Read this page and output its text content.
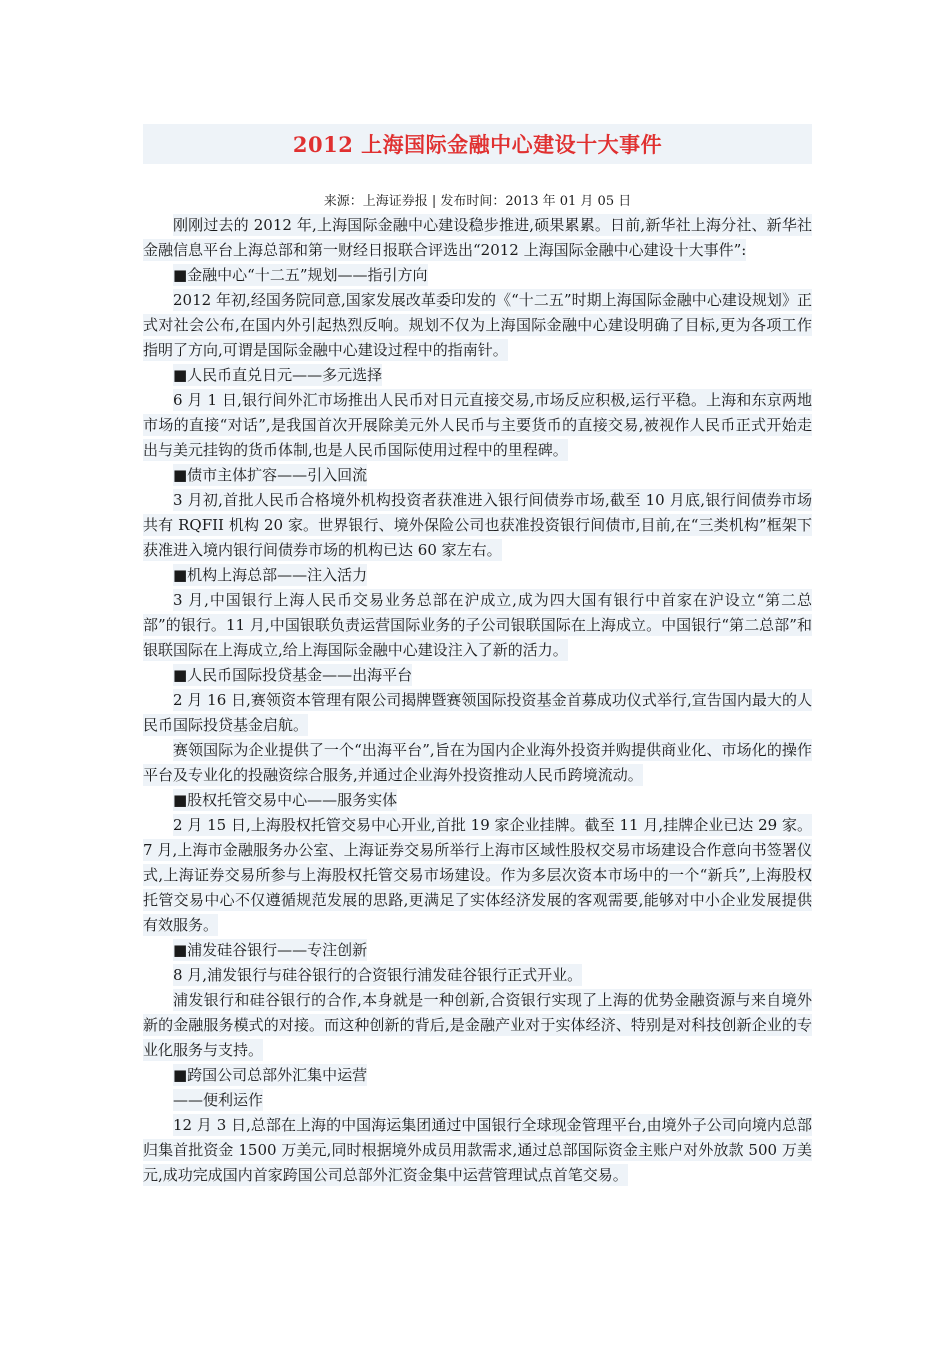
2012 上海国际金融中心建设十大事件
来源：上海证券报 | 发布时间：2013 年 01 月 05 日
刚刚过去的 2012 年,上海国际金融中心建设稳步推进,硕果累累。日前,新华社上海分社、新华社金融信息平台上海总部和第一财经日报联合评选出“2012 上海国际金融中心建设十大事件”:
■金融中心“十二五”规划——指引方向
2012 年初,经国务院同意,国家发展改革委印发的《“十二五”时期上海国际金融中心建设规划》正式对社会公布,在国内外引起热烈反响。规划不仅为上海国际金融中心建设明确了目标,更为各项工作指明了方向,可谓是国际金融中心建设过程中的指南针。
■人民币直兑日元——多元选择
6 月 1 日,银行间外汇市场推出人民币对日元直接交易,市场反应积极,运行平稳。上海和东京两地市场的直接“对话”,是我国首次开展除美元外人民币与主要货币的直接交易,被视作人民币正式开始走出与美元挂钩的货币体制,也是人民币国际使用过程中的里程碑。
■债市主体扩容——引入回流
3 月初,首批人民币合格境外机构投资者获准进入银行间债券市场,截至 10 月底,银行间债券市场共有 RQFII 机构 20 家。世界银行、境外保险公司也获准投资银行间债市,目前,在“三类机构”框架下获准进入境内银行间债券市场的机构已达 60 家左右。
■机构上海总部——注入活力
3 月,中国银行上海人民币交易业务总部在沪成立,成为四大国有银行中首家在沪设立“第二总部”的银行。11 月,中国银联负责运营国际业务的子公司银联国际在上海成立。中国银行“第二总部”和银联国际在上海成立,给上海国际金融中心建设注入了新的活力。
■人民币国际投贷基金——出海平台
2 月 16 日,赛领资本管理有限公司揭牌暨赛领国际投资基金首募成功仪式举行,宣告国内最大的人民币国际投贷基金启航。
赛领国际为企业提供了一个“出海平台”,旨在为国内企业海外投资并购提供商业化、市场化的操作平台及专业化的投融资综合服务,并通过企业海外投资推动人民币跨境流动。
■股权托管交易中心——服务实体
2 月 15 日,上海股权托管交易中心开业,首批 19 家企业挂牌。截至 11 月,挂牌企业已达 29 家。7 月,上海市金融服务办公室、上海证券交易所举行上海市区域性股权交易市场建设合作意向书签署仪式,上海证券交易所参与上海股权托管交易市场建设。作为多层次资本市场中的一个“新兵”,上海股权托管交易中心不仅遵循规范发展的思路,更满足了实体经济发展的客观需要,能够对中小企业发展提供有效服务。
■浦发硅谷银行——专注创新
8 月,浦发银行与硅谷银行的合资银行浦发硅谷银行正式开业。
浦发银行和硅谷银行的合作,本身就是一种创新,合资银行实现了上海的优势金融资源与来自境外新的金融服务模式的对接。而这种创新的背后,是金融产业对于实体经济、特别是对科技创新企业的专业化服务与支持。
■跨国公司总部外汇集中运营
——便利运作
12 月 3 日,总部在上海的中国海运集团通过中国银行全球现金管理平台,由境外子公司向境内总部归集首批资金 1500 万美元,同时根据境外成员用款需求,通过总部国际资金主账户对外放款 500 万美元,成功完成国内首家跨国公司总部外汇资金集中运营管理试点首笔交易。
